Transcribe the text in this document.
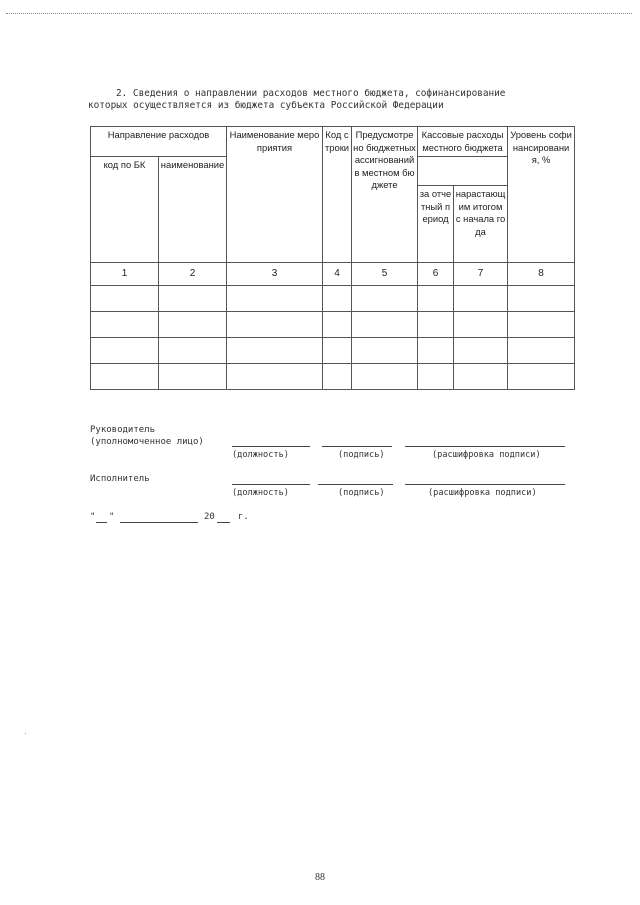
2. Сведения о направлении расходов местного бюджета, софинансирование
которых осуществляется из бюджета субъекта Российской Федерации
Направление расходов		Наименование мероприятия	Код строки	Предусмотрено бюджетных ассигнований в местном бюджете	Кассовые расходы местного бюджета		Уровень софинансирования, %
код по БК	наименование						
					за отчетный период	нарастающим итогом с начала года	
1	2	3	4	5	6	7	8

Руководитель
(уполномоченное лицо)
(должность)	(подпись)	(расшифровка подписи)
Исполнитель
(должность)	(подпись)	(расшифровка подписи)
" "	20	г.
88
